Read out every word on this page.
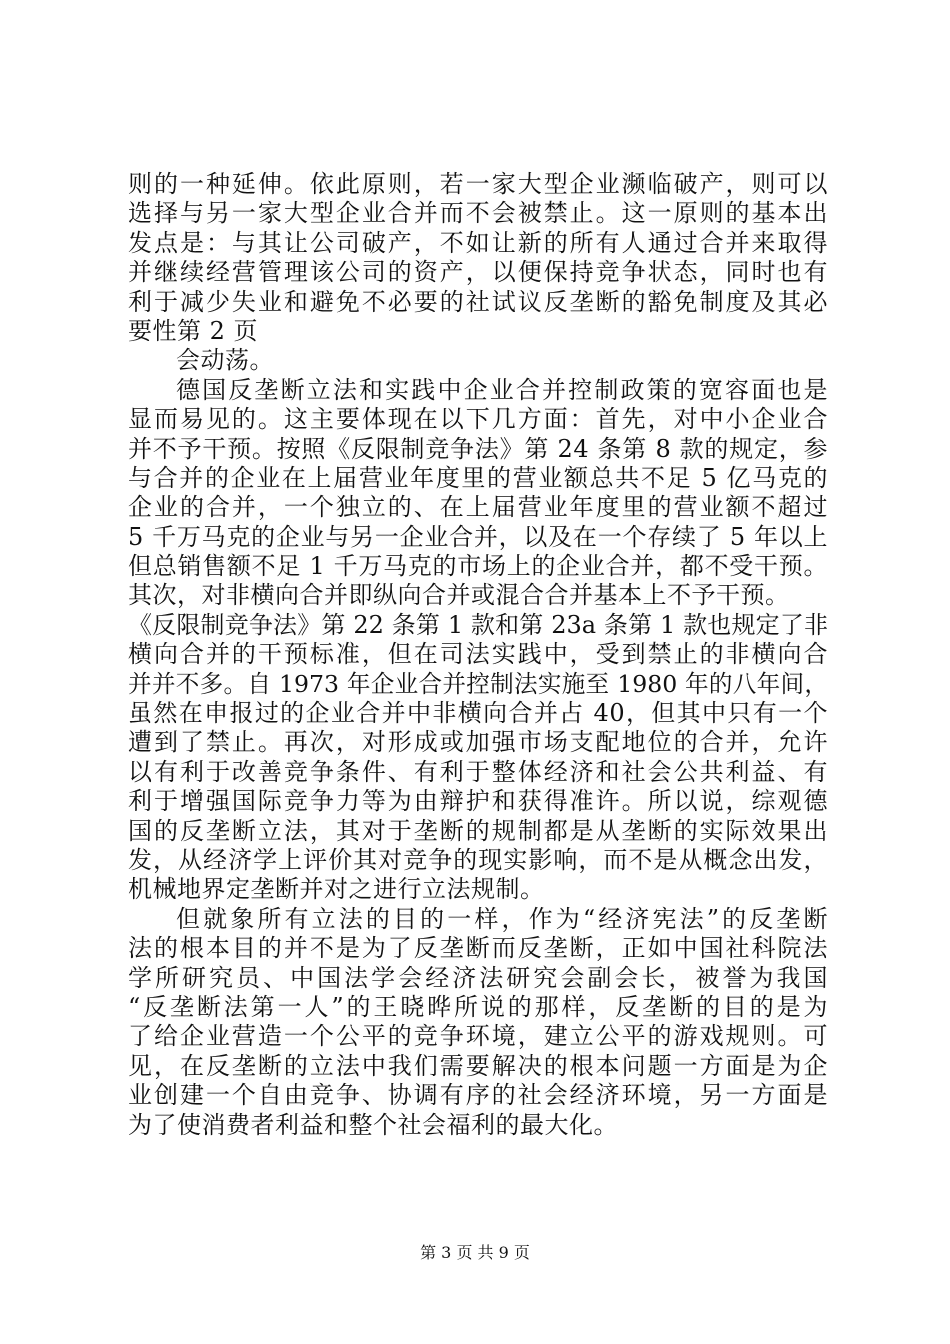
则的一种延伸。依此原则，若一家大型企业濒临破产，则可以
选择与另一家大型企业合并而不会被禁止。这一原则的基本出
发点是：与其让公司破产，不如让新的所有人通过合并来取得
并继续经营管理该公司的资产，以便保持竞争状态，同时也有
利于减少失业和避免不必要的社试议反垄断的豁免制度及其必
要性第 2 页
会动荡。
德国反垄断立法和实践中企业合并控制政策的宽容面也是
显而易见的。这主要体现在以下几方面：首先，对中小企业合
并不予干预。按照《反限制竞争法》第 24 条第 8 款的规定，参
与合并的企业在上届营业年度里的营业额总共不足 5 亿马克的
企业的合并，一个独立的、在上届营业年度里的营业额不超过
5 千万马克的企业与另一企业合并，以及在一个存续了 5 年以上
但总销售额不足 1 千万马克的市场上的企业合并，都不受干预。
其次，对非横向合并即纵向合并或混合合并基本上不予干预。
《反限制竞争法》第 22 条第 1 款和第 23a 条第 1 款也规定了非
横向合并的干预标准，但在司法实践中，受到禁止的非横向合
并并不多。自 1973 年企业合并控制法实施至 1980 年的八年间，
虽然在申报过的企业合并中非横向合并占 40，但其中只有一个
遭到了禁止。再次，对形成或加强市场支配地位的合并，允许
以有利于改善竞争条件、有利于整体经济和社会公共利益、有
利于增强国际竞争力等为由辩护和获得准许。所以说，综观德
国的反垄断立法，其对于垄断的规制都是从垄断的实际效果出
发，从经济学上评价其对竞争的现实影响，而不是从概念出发，
机械地界定垄断并对之进行立法规制。
但就象所有立法的目的一样，作为“经济宪法”的反垄断
法的根本目的并不是为了反垄断而反垄断，正如中国社科院法
学所研究员、中国法学会经济法研究会副会长，被誉为我国
“反垄断法第一人”的王晓晔所说的那样，反垄断的目的是为
了给企业营造一个公平的竞争环境，建立公平的游戏规则。可
见，在反垄断的立法中我们需要解决的根本问题一方面是为企
业创建一个自由竞争、协调有序的社会经济环境，另一方面是
为了使消费者利益和整个社会福利的最大化。
第 3 页 共 9 页
